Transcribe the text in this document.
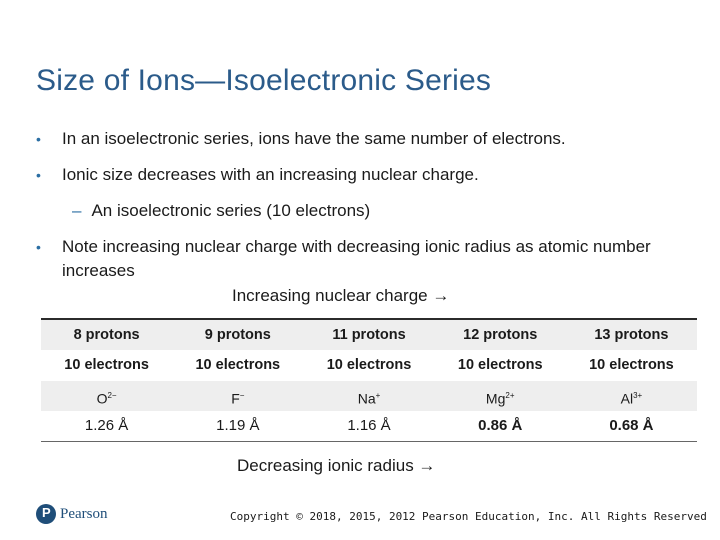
Size of Ions—Isoelectronic Series
• In an isoelectronic series, ions have the same number of electrons.
• Ionic size decreases with an increasing nuclear charge.
– An isoelectronic series (10 electrons)
• Note increasing nuclear charge with decreasing ionic radius as atomic number increases
Increasing nuclear charge →
8 protons	9 protons	11 protons	12 protons	13 protons
10 electrons	10 electrons	10 electrons	10 electrons	10 electrons
$O^{2-}$	F−	Na+	$Mg^{2+}$	$Al^{3+}$
1.26 Å	1.19 Å	1.16 Å	0.86 Å	0.68 Å
Decreasing ionic radius →
P
Pearson	Copyright © 2018, 2015, 2012 Pearson Education, Inc. All Rights Reserved
